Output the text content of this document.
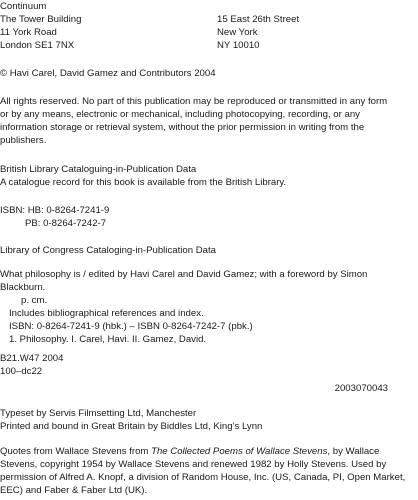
Continuum
The Tower Building
11 York Road
London SE1 7NX
15 East 26th Street
New York
NY 10010
© Havi Carel, David Gamez and Contributors 2004
All rights reserved. No part of this publication may be reproduced or transmitted in any form
or by any means, electronic or mechanical, including photocopying, recording, or any
information storage or retrieval system, without the prior permission in writing from the
publishers.
British Library Cataloguing-in-Publication Data
A catalogue record for this book is available from the British Library.
ISBN: HB: 0-8264-7241-9
PB: 0-8264-7242-7
Library of Congress Cataloging-in-Publication Data
What philosophy is / edited by Havi Carel and David Gamez; with a foreword by Simon
Blackburn.
p. cm.
Includes bibliographical references and index.
ISBN: 0-8264-7241-9 (hbk.) – ISBN 0-8264-7242-7 (pbk.)
1. Philosophy. I. Carel, Havi. II. Gamez, David.
B21.W47 2004
100–dc22
2003070043
Typeset by Servis Filmsetting Ltd, Manchester
Printed and bound in Great Britain by Biddles Ltd, King’s Lynn
Quotes from Wallace Stevens from The Collected Poems of Wallace Stevens, by Wallace
Stevens, copyright 1954 by Wallace Stevens and renewed 1982 by Holly Stevens. Used by
permission of Alfred A. Knopf, a division of Random House, Inc. (US, Canada, PI, Open Market,
EEC) and Faber & Faber Ltd (UK).
